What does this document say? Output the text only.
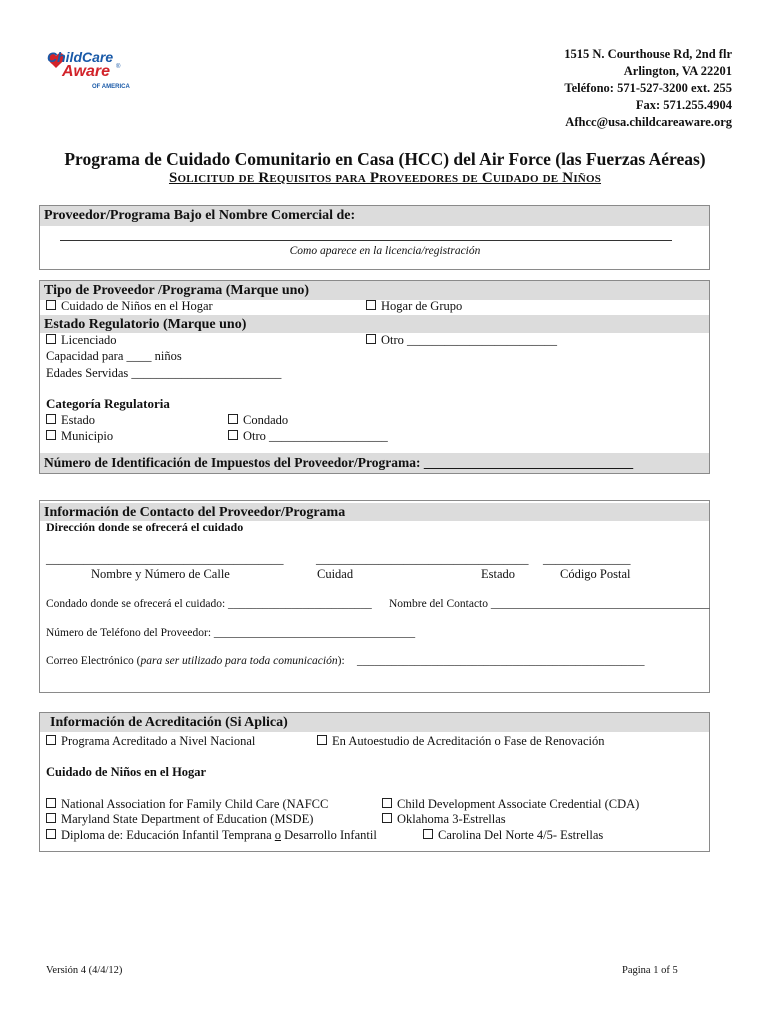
ChildCare
Aware ®
OF AMERICA
1515 N. Courthouse Rd, 2nd flr
Arlington, VA 22201
Teléfono: 571-527-3200 ext. 255
Fax: 571.255.4904
Afhcc@usa.childcareaware.org
Programa de Cuidado Comunitario en Casa (HCC) del Air Force (las Fuerzas Aéreas)
Solicitud de Requisitos para Proveedores de Cuidado de Niños
Proveedor/Programa Bajo el Nombre Comercial de:
Como aparece en la licencia/registración
Tipo de Proveedor /Programa (Marque uno)
Cuidado de Niños en el Hogar	Hogar de Grupo
Estado Regulatorio (Marque uno)
Licenciado	Otro ________________________
Capacidad para ____ niños
Edades Servidas ________________________
Categoría Regulatoria
Estado	Condado
Municipio	Otro ___________________
Número de Identificación de Impuestos del Proveedor/Programa: _______________________________
Información de Contacto del Proveedor/Programa
Dirección donde se ofrecerá el cuidado
______________________________________	__________________________________ ______________
Nombre y Número de Calle	Cuidad	Estado	Código Postal
Condado donde se ofrecerá el cuidado: _________________________ Nombre del Contacto ______________________________________
Número de Teléfono del Proveedor: ___________________________________
Correo Electrónico (para ser utilizado para toda comunicación): __________________________________________________
Información de Acreditación (Si Aplica)
Programa Acreditado a Nivel Nacional	En Autoestudio de Acreditación o Fase de Renovación
Cuidado de Niños en el Hogar
National Association for Family Child Care (NAFCC	Child Development Associate Credential (CDA)
Maryland State Department of Education (MSDE)	Oklahoma 3-Estrellas
Diploma de: Educación Infantil Temprana o Desarrollo Infantil	Carolina Del Norte 4/5- Estrellas
Versión 4 (4/4/12)	Pagina 1 of 5
